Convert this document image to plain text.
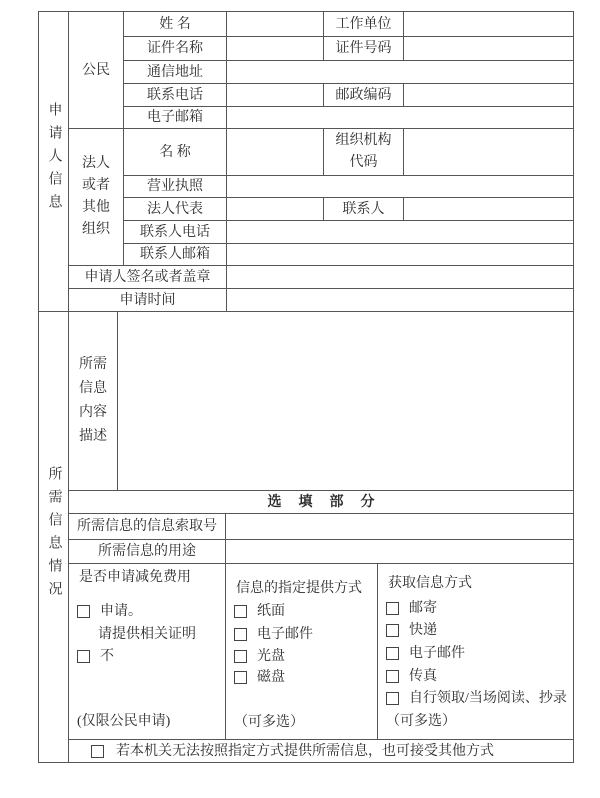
申请人信息	公民	姓 名		工作单位	
		证件名称		证件号码	
		通信地址			
		联系电话		邮政编码	
		电子邮箱			

	法人或者其他组织	名 称		组织机构代码	

		营业执照			
		法人代表		联系人	
		联系人电话			
		联系人邮箱			
	申请人签名或者盖章				
	申请时间				
所需信息情况	所需信息内容描述			

	选填部分			
	所需信息的信息索取号			
	所需信息的用途			

是否申请减免费用
申请。
请提供相关证明
不
(仅限公民申请)

信息的指定提供方式
纸面
电子邮件
光盘
磁盘
（可多选）

获取信息方式
邮寄
快递
电子邮件
传真
自行领取/当场阅读、抄录
（可多选）

	若本机关无法按照指定方式提供所需信息，也可接受其他方式			
